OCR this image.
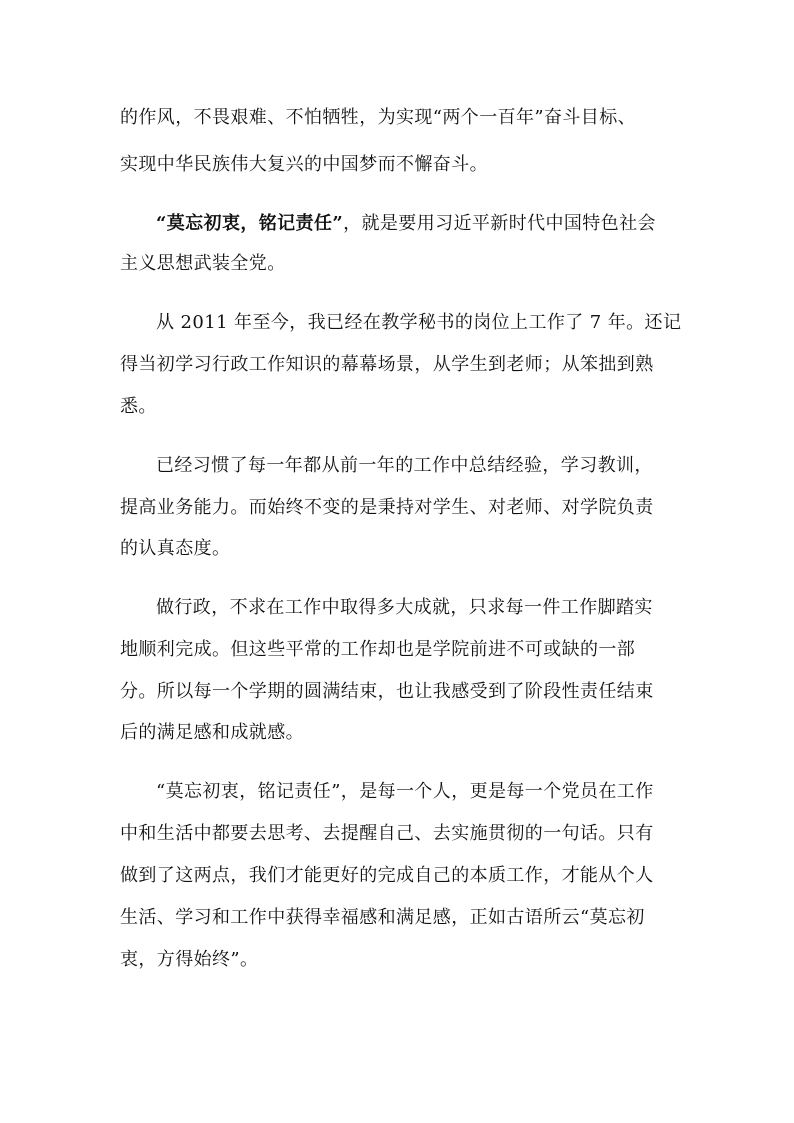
的作风，不畏艰难、不怕牺牲，为实现“两个一百年”奋斗目标、
实现中华民族伟大复兴的中国梦而不懈奋斗。
“莫忘初衷，铭记责任”，就是要用习近平新时代中国特色社会
主义思想武装全党。
从 2011 年至今，我已经在教学秘书的岗位上工作了 7 年。还记
得当初学习行政工作知识的幕幕场景，从学生到老师；从笨拙到熟
悉。
已经习惯了每一年都从前一年的工作中总结经验，学习教训，
提高业务能力。而始终不变的是秉持对学生、对老师、对学院负责
的认真态度。
做行政，不求在工作中取得多大成就，只求每一件工作脚踏实
地顺利完成。但这些平常的工作却也是学院前进不可或缺的一部
分。所以每一个学期的圆满结束，也让我感受到了阶段性责任结束
后的满足感和成就感。
“莫忘初衷，铭记责任”，是每一个人，更是每一个党员在工作
中和生活中都要去思考、去提醒自己、去实施贯彻的一句话。只有
做到了这两点，我们才能更好的完成自己的本质工作，才能从个人
生活、学习和工作中获得幸福感和满足感，正如古语所云“莫忘初
衷，方得始终”。
